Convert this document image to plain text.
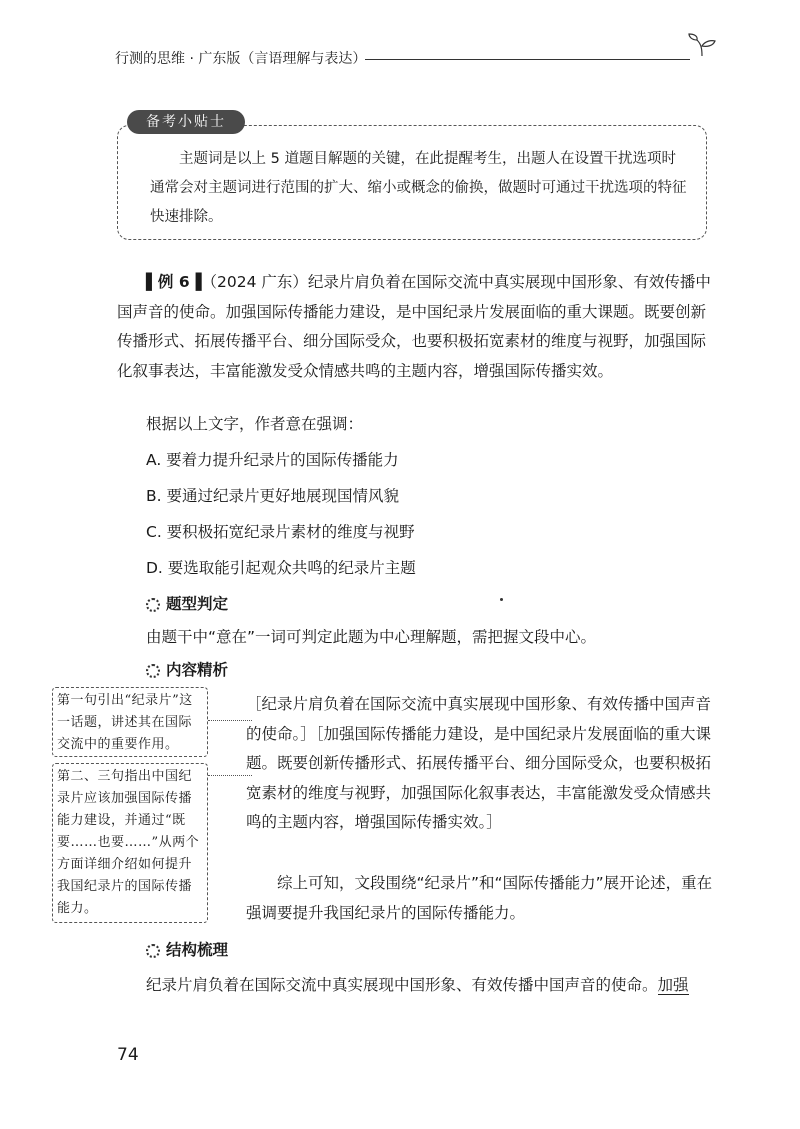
行测的思维 · 广东版（言语理解与表达）
备考小贴士

主题词是以上 5 道题目解题的关键，在此提醒考生，出题人在设置干扰选项时通常会对主题词进行范围的扩大、缩小或概念的偷换，做题时可通过干扰选项的特征快速排除。

▌例 6▐（2024 广东）纪录片肩负着在国际交流中真实展现中国形象、有效传播中国声音的使命。加强国际传播能力建设，是中国纪录片发展面临的重大课题。既要创新传播形式、拓展传播平台、细分国际受众，也要积极拓宽素材的维度与视野，加强国际化叙事表达，丰富能激发受众情感共鸣的主题内容，增强国际传播实效。

根据以上文字，作者意在强调：
A. 要着力提升纪录片的国际传播能力
B. 要通过纪录片更好地展现国情风貌
C. 要积极拓宽纪录片素材的维度与视野
D. 要选取能引起观众共鸣的纪录片主题
题型判定
由题干中“意在”一词可判定此题为中心理解题，需把握文段中心。
内容精析
第一句引出“纪录片”这一话题，讲述其在国际交流中的重要作用。
第二、三句指出中国纪录片应该加强国际传播能力建设，并通过“既要……也要……”从两个方面详细介绍如何提升我国纪录片的国际传播能力。

［纪录片肩负着在国际交流中真实展现中国形象、有效传播中国声音的使命。］［加强国际传播能力建设，是中国纪录片发展面临的重大课题。既要创新传播形式、拓展传播平台、细分国际受众，也要积极拓宽素材的维度与视野，加强国际化叙事表达，丰富能激发受众情感共鸣的主题内容，增强国际传播实效。］

综上可知，文段围绕“纪录片”和“国际传播能力”展开论述，重在强调要提升我国纪录片的国际传播能力。

结构梳理
纪录片肩负着在国际交流中真实展现中国形象、有效传播中国声音的使命。加强
74
